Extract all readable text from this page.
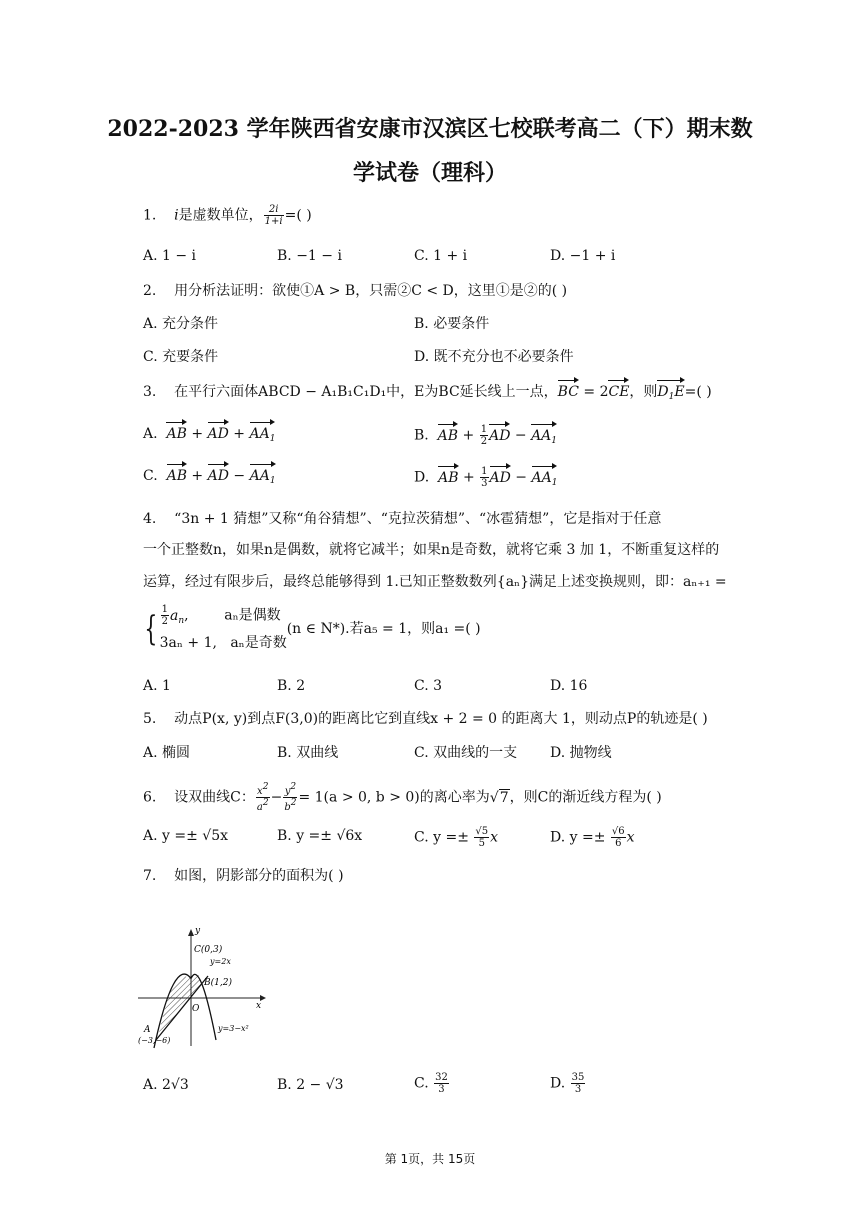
2022-2023 学年陕西省安康市汉滨区七校联考高二（下）期末数
学试卷（理科）
1. i是虚数单位， $\frac{2i}{1+i}$ =( )
A. 1 − i	B. −1 − i	C. 1 + i	D. −1 + i
2. 用分析法证明：欲使①A > B，只需②C < D，这里①是②的( )
A. 充分条件	B. 必要条件
C. 充要条件	D. 既不充分也不必要条件
3. 在平行六面体ABCD − A₁B₁C₁D₁中，E为BC延长线上一点，BC = 2CE，则$D_1E=$( )
A. AB + AD + $AA_1$	B. AB + $\frac{1}{2}$ AD − $AA_1$
C. AB + AD − $AA_1$	D. AB + $\frac{1}{3}$ AD − $AA_1$
4. “3n + 1 猜想”又称“角谷猜想”、“克拉茨猜想”、“冰雹猜想”，它是指对于任意
一个正整数n，如果n是偶数，就将它减半；如果n是奇数，就将它乘 3 加 1，不断重复这样的
运算，经过有限步后，最终总能够得到 1.已知正整数数列{aₙ}满足上述变换规则，即：aₙ₊₁ =
{ $\frac{1}{2} a_n$,        aₙ是偶数
3aₙ + 1, aₙ是奇数
(n ∈ N*).若a₅ = 1，则a₁ =( )
A. 1	B. 2	C. 3	D. 16
5. 动点P(x, y)到点F(3,0)的距离比它到直线x + 2 = 0 的距离大 1，则动点P的轨迹是( )
A. 椭圆	B. 双曲线	C. 双曲线的一支 D. 抛物线
6. 设双曲线C： $\frac{x^2}{a^2} - \frac{y^2}{b^2} = 1(a > 0$, b > 0)的离心率为√7，则C的渐近线方程为( )
A. y =± √5x	B. y =± √6x	C. $y =\pm \frac{√5}{5}$ x	D. $y =\pm \frac{√6}{6}$ x
7. 如图，阴影部分的面积为( )
y
x
C(0,3)
y=2x
B(1,2)
O
A
(−3,−6)
y=3−x²
A. 2√3	B. 2 − √3	C. $\frac{32}{3}$	D. $\frac{35}{3}$
第 1页，共 15页
